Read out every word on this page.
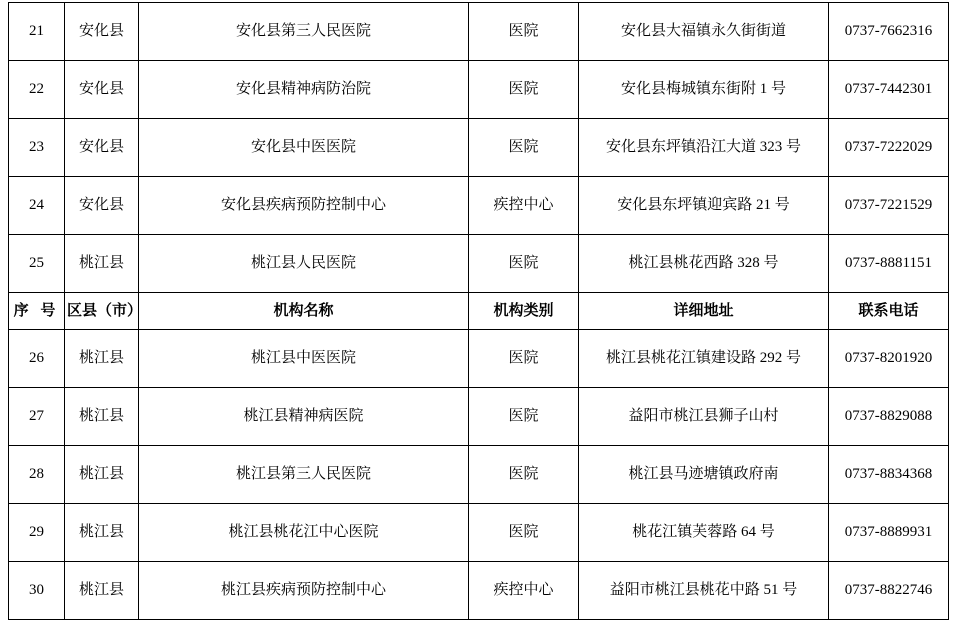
21	安化县	安化县第三人民医院	医院	安化县大福镇永久街街道	0737-7662316
22	安化县	安化县精神病防治院	医院	安化县梅城镇东街附 1 号	0737-7442301
23	安化县	安化县中医医院	医院	安化县东坪镇沿江大道 323 号	0737-7222029
24	安化县	安化县疾病预防控制中心	疾控中心	安化县东坪镇迎宾路 21 号	0737-7221529
25	桃江县	桃江县人民医院	医院	桃江县桃花西路 328 号	0737-8881151
序 号	区县（市）	机构名称	机构类别	详细地址	联系电话
26	桃江县	桃江县中医医院	医院	桃江县桃花江镇建设路 292 号	0737-8201920
27	桃江县	桃江县精神病医院	医院	益阳市桃江县狮子山村	0737-8829088
28	桃江县	桃江县第三人民医院	医院	桃江县马迹塘镇政府南	0737-8834368
29	桃江县	桃江县桃花江中心医院	医院	桃花江镇芙蓉路 64 号	0737-8889931
30	桃江县	桃江县疾病预防控制中心	疾控中心	益阳市桃江县桃花中路 51 号	0737-8822746
